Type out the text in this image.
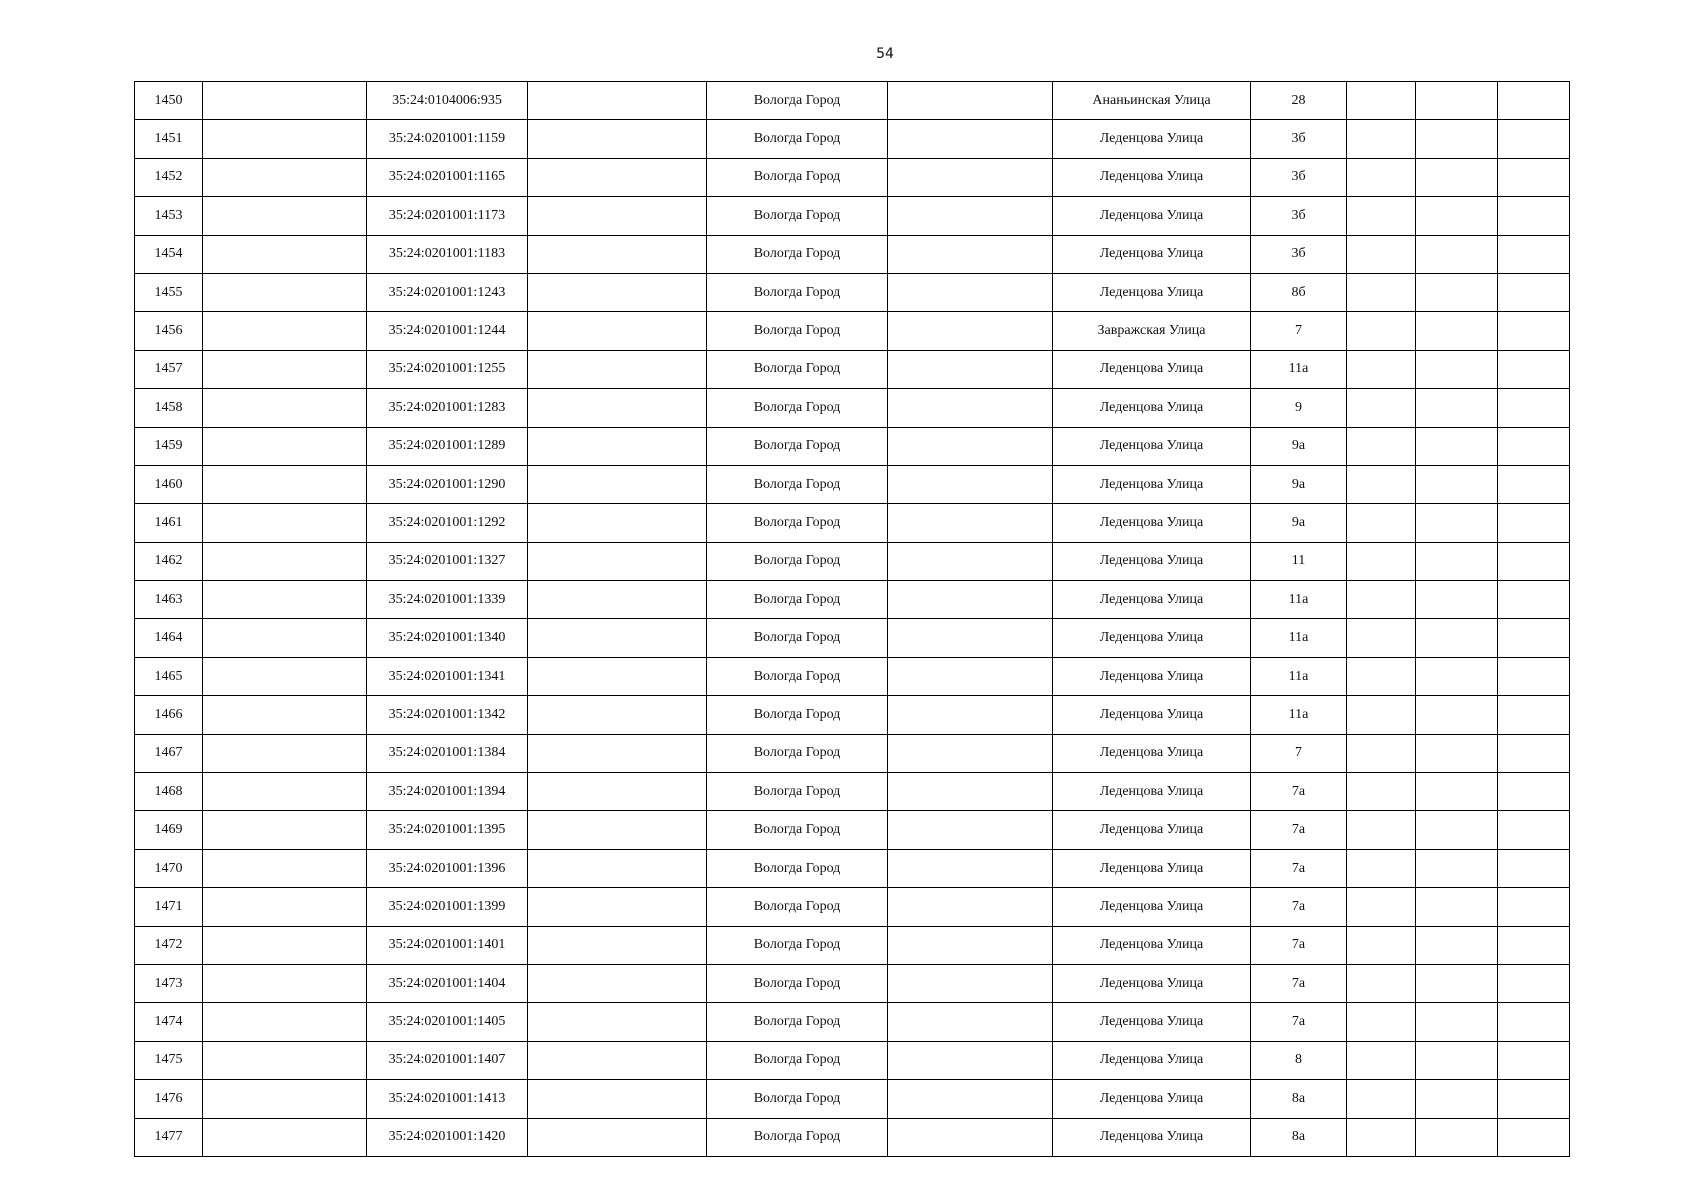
54
1450		35:24:0104006:935		Вологда Город		Ананьинская Улица	28			
1451		35:24:0201001:1159		Вологда Город		Леденцова Улица	3б			
1452		35:24:0201001:1165		Вологда Город		Леденцова Улица	3б			
1453		35:24:0201001:1173		Вологда Город		Леденцова Улица	3б			
1454		35:24:0201001:1183		Вологда Город		Леденцова Улица	3б			
1455		35:24:0201001:1243		Вологда Город		Леденцова Улица	8б			
1456		35:24:0201001:1244		Вологда Город		Завражская Улица	7			
1457		35:24:0201001:1255		Вологда Город		Леденцова Улица	11а			
1458		35:24:0201001:1283		Вологда Город		Леденцова Улица	9			
1459		35:24:0201001:1289		Вологда Город		Леденцова Улица	9а			
1460		35:24:0201001:1290		Вологда Город		Леденцова Улица	9а			
1461		35:24:0201001:1292		Вологда Город		Леденцова Улица	9а			
1462		35:24:0201001:1327		Вологда Город		Леденцова Улица	11			
1463		35:24:0201001:1339		Вологда Город		Леденцова Улица	11а			
1464		35:24:0201001:1340		Вологда Город		Леденцова Улица	11а			
1465		35:24:0201001:1341		Вологда Город		Леденцова Улица	11а			
1466		35:24:0201001:1342		Вологда Город		Леденцова Улица	11а			
1467		35:24:0201001:1384		Вологда Город		Леденцова Улица	7			
1468		35:24:0201001:1394		Вологда Город		Леденцова Улица	7а			
1469		35:24:0201001:1395		Вологда Город		Леденцова Улица	7а			
1470		35:24:0201001:1396		Вологда Город		Леденцова Улица	7а			
1471		35:24:0201001:1399		Вологда Город		Леденцова Улица	7а			
1472		35:24:0201001:1401		Вологда Город		Леденцова Улица	7а			
1473		35:24:0201001:1404		Вологда Город		Леденцова Улица	7а			
1474		35:24:0201001:1405		Вологда Город		Леденцова Улица	7а			
1475		35:24:0201001:1407		Вологда Город		Леденцова Улица	8			
1476		35:24:0201001:1413		Вологда Город		Леденцова Улица	8а			
1477		35:24:0201001:1420		Вологда Город		Леденцова Улица	8а			
